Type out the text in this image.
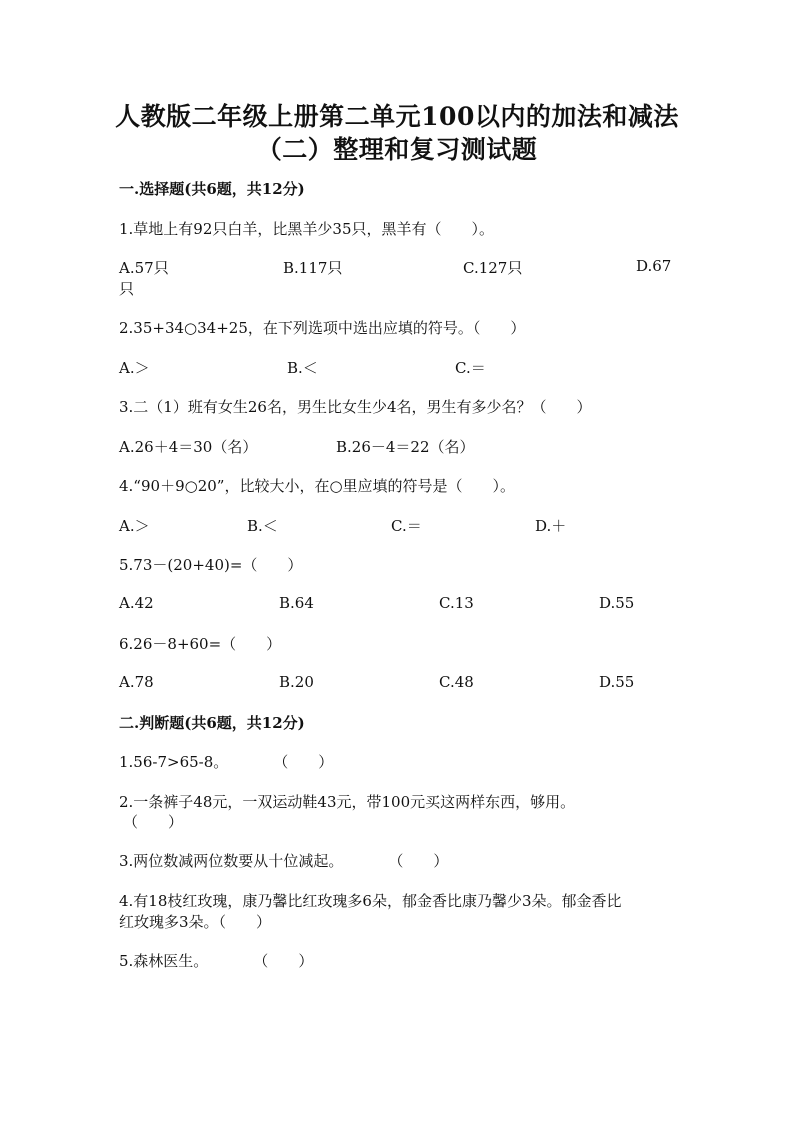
人教版二年级上册第二单元100以内的加法和减法
（二）整理和复习测试题
一.选择题(共6题，共12分)
1.草地上有92只白羊，比黑羊少35只，黑羊有（　　）。
A.57只	B.117只	C.127只	D.67
只
2.35+34○34+25，在下列选项中选出应填的符号。（　　）
A.＞	B.＜	C.＝
3.二（1）班有女生26名，男生比女生少4名，男生有多少名？（　　）
A.26＋4＝30（名）	B.26－4＝22（名）
4.“90＋9○20”，比较大小，在○里应填的符号是（　　）。
A.＞	B.＜	C.＝	D.＋
5.73－(20+40)=（　　）
A.42	B.64	C.13	D.55
6.26－8+60=（　　）
A.78	B.20	C.48	D.55
二.判断题(共6题，共12分)
1.56-7>65-8。　　　　（　　）
2.一条裤子48元，一双运动鞋43元，带100元买这两样东西，够用。
（　　）
3.两位数减两位数要从十位减起。　　　　（　　）
4.有18枝红玫瑰，康乃馨比红玫瑰多6朵，郁金香比康乃馨少3朵。郁金香比
红玫瑰多3朵。（　　）
5.森林医生。　　　　（　　）
